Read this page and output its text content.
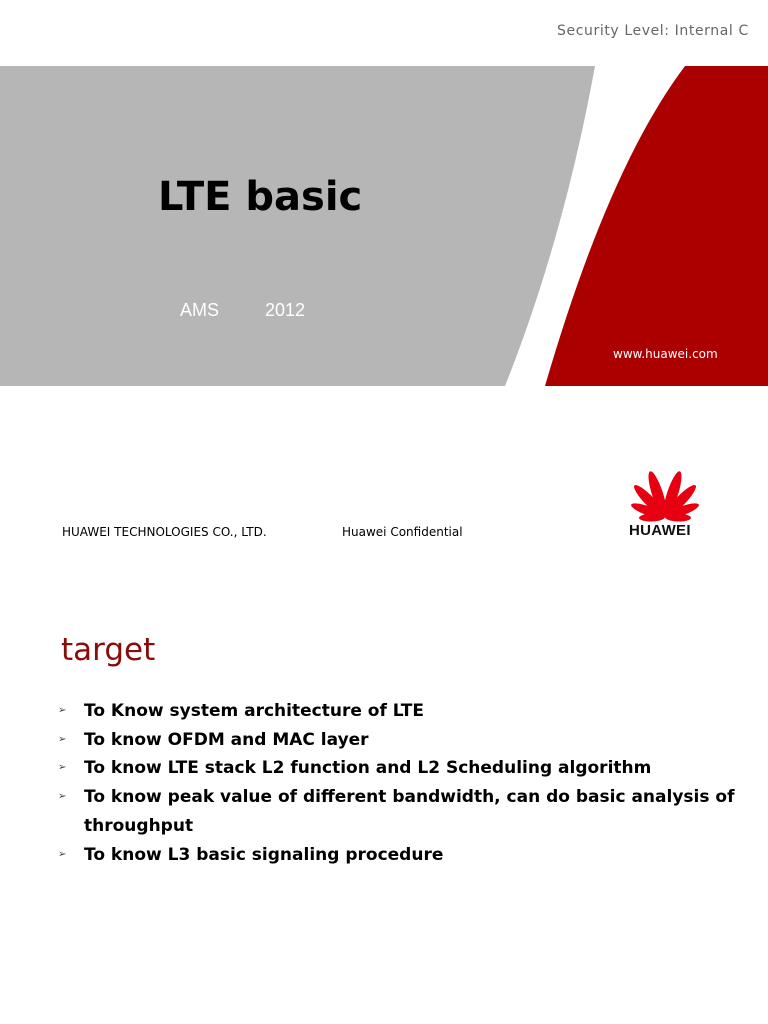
Security Level: Internal C
LTE basic
AMS	2012
www.huawei.com
HUAWEI TECHNOLOGIES CO., LTD.	Huawei Confidential	HUAWEI
target
➢	To Know system architecture of LTE
➢	To know OFDM and MAC layer
➢	To know LTE stack L2 function and L2 Scheduling algorithm
➢	To know peak value of different bandwidth, can do basic analysis of throughput
➢	To know L3 basic signaling procedure
